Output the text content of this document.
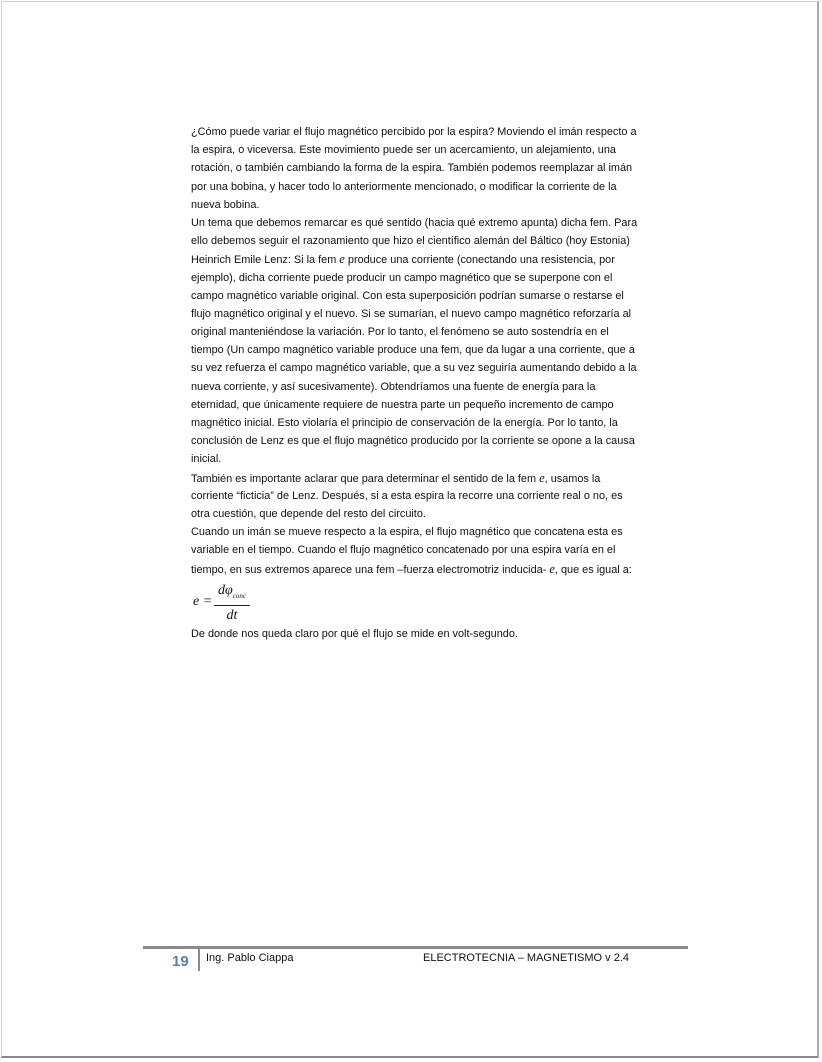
¿Cómo puede variar el flujo magnético percibido por la espira? Moviendo el imán respecto a
la espira, o viceversa. Este movimiento puede ser un acercamiento, un alejamiento, una
rotación, o también cambiando la forma de la espira. También podemos reemplazar al imán
por una bobina, y hacer todo lo anteriormente mencionado, o modificar la corriente de la
nueva bobina.
Un tema que debemos remarcar es qué sentido (hacia qué extremo apunta) dicha fem. Para
ello debemos seguir el razonamiento que hizo el científico alemán del Báltico (hoy Estonia)
Heinrich Emile Lenz: Si la fem e produce una corriente (conectando una resistencia, por
ejemplo), dicha corriente puede producir un campo magnético que se superpone con el
campo magnético variable original. Con esta superposición podrían sumarse o restarse el
flujo magnético original y el nuevo. Si se sumarían, el nuevo campo magnético reforzaría al
original manteniéndose la variación. Por lo tanto, el fenómeno se auto sostendría en el
tiempo (Un campo magnético variable produce una fem, que da lugar a una corriente, que a
su vez refuerza el campo magnético variable, que a su vez seguiría aumentando debido a la
nueva corriente, y así sucesivamente). Obtendríamos una fuente de energía para la
eternidad, que únicamente requiere de nuestra parte un pequeño incremento de campo
magnético inicial. Esto violaría el principio de conservación de la energía. Por lo tanto, la
conclusión de Lenz es que el flujo magnético producido por la corriente se opone a la causa
inicial.
También es importante aclarar que para determinar el sentido de la fem e, usamos la
corriente “ficticia” de Lenz. Después, si a esta espira la recorre una corriente real o no, es
otra cuestión, que depende del resto del circuito.
Cuando un imán se mueve respecto a la espira, el flujo magnético que concatena esta es
variable en el tiempo. Cuando el flujo magnético concatenado por una espira varía en el
tiempo, en sus extremos aparece una fem –fuerza electromotriz inducida- e, que es igual a:
e =
$d\varphi_{conc}$
dt
De donde nos queda claro por qué el flujo se mide en volt-segundo.
19 Ing. Pablo Ciappa	ELECTROTECNIA – MAGNETISMO v 2.4
